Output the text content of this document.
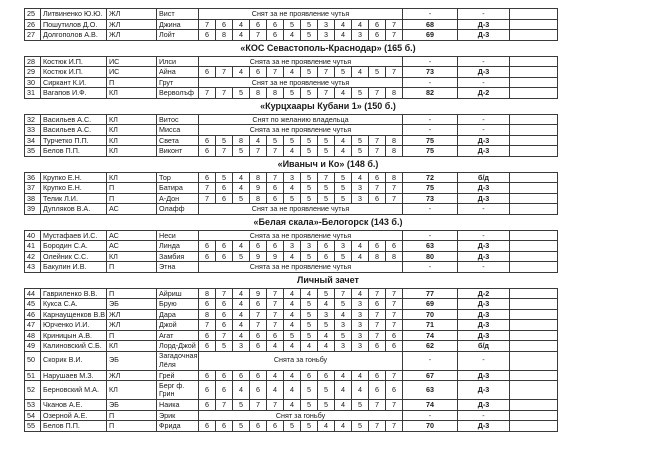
25	Литвиненко Ю.Ю.	ЖЛ	Вист	Снят за не проявление чутья												-	-	
26	Пошутилов Д.О.	ЖЛ	Джина	7	6	4	6	6	5	5	3	4	4	6	7	68	Д-3	
27	Долгополов А.В.	ЖЛ	Лойт	6	8	4	7	6	4	5	3	4	3	6	7	69	Д-3	
				«КОС Севастополь-Краснодар» (165 б.)														
28	Костюк И.П.	ИС	Илси	Снята за не проявление чутья												-	-	
29	Костюк И.П.	ИС	Айна	6	7	4	6	7	4	5	7	5	4	5	7	73	Д-3	
30	Сиркант К.И.	П	Грут	Снят за не проявление чутья												-	-	
31	Вагапов И.Ф.	КЛ	Верволъф	7	7	5	8	8	5	5	7	4	5	7	8	82	Д-2	
				«Курцхаары Кубани 1» (150 б.)														
32	Васильев А.С.	КЛ	Витос	Снят по желанию владельца												-	-	
33	Васильев А.С.	КЛ	Мисса	Снята за не проявление чутья												-	-	
34	Турчетко П.П.	КЛ	Света	6	5	8	4	5	5	5	5	4	5	7	8	75	Д-3	
35	Белов П.П.	КЛ	Виконт	6	7	5	7	7	4	5	5	4	5	7	8	75	Д-3	
				«Иваныч и Ко» (148 б.)														
36	Крупко Е.Н.	КЛ	Тор	6	5	4	8	7	3	5	7	5	4	6	8	72	б/д	
37	Крупко Е.Н.	П	Батира	7	6	4	9	6	4	5	5	5	3	7	7	75	Д-3	
38	Телик Л.И.	П	А-Дон	7	6	5	8	6	5	5	5	5	3	6	7	73	Д-3	
39	Дупляков В.А.	АС	Олафф	Снят за не проявление чутья												-	-	
				«Белая скала»-Белогорск (143 б.)														
40	Мустафаев И.С.	АС	Неси	Снята за не проявление чутья												-	-	
41	Бородин С.А.	АС	Линда	6	6	4	6	6	3	3	6	3	4	6	6	63	Д-3	
42	Олейник С.С.	КЛ	Замбия	6	6	5	9	9	4	5	6	5	4	8	8	80	Д-3	
43	Бакулин И.В.	П	Этна	Снята за не проявление чутья												-	-	
				Личный зачет														
44	Гавриленко В.В.	П	Айриш	8	7	4	9	7	4	4	5	7	4	7	7	77	Д-2	
45	Кукса С.А.	ЭБ	Брую	6	6	4	6	7	4	5	4	5	3	6	7	69	Д-3	
46	Карнаущенков В.В	ЖЛ	Дара	8	6	4	7	7	4	5	3	4	3	7	7	70	Д-3	
47	Юрченко И.И.	ЖЛ	Джой	7	6	4	7	7	4	5	5	3	3	7	7	71	Д-3	
48	Криницын А.В.	П	Агат	6	7	4	6	6	5	5	4	5	3	7	6	74	Д-3	
49	Калиновский С.Б.	КЛ	Лорд-Джой	6	5	3	6	4	4	4	4	3	3	6	6	62	б/д	
50	Скорик В.И.	ЭБ	Загадочная Лёля	Снята за гоньбу												-	-	
51	Нарушаев М.З.	ЖЛ	Грей	6	6	6	6	4	4	6	6	4	4	6	7	67	Д-3	
52	Берновский М.А.	КЛ	Берг ф. Грин	6	6	4	6	4	4	5	5	4	4	6	6	63	Д-3	
53	Чканов А.Е.	ЭБ	Наика	6	7	5	7	7	4	5	5	4	5	7	7	74	Д-3	
54	Озерной А.Е.	П	Эрик	Снят за гоньбу												-	-	
55	Белов П.П.	П	Фрида	6	6	5	6	6	5	5	4	4	5	7	7	70	Д-3	
